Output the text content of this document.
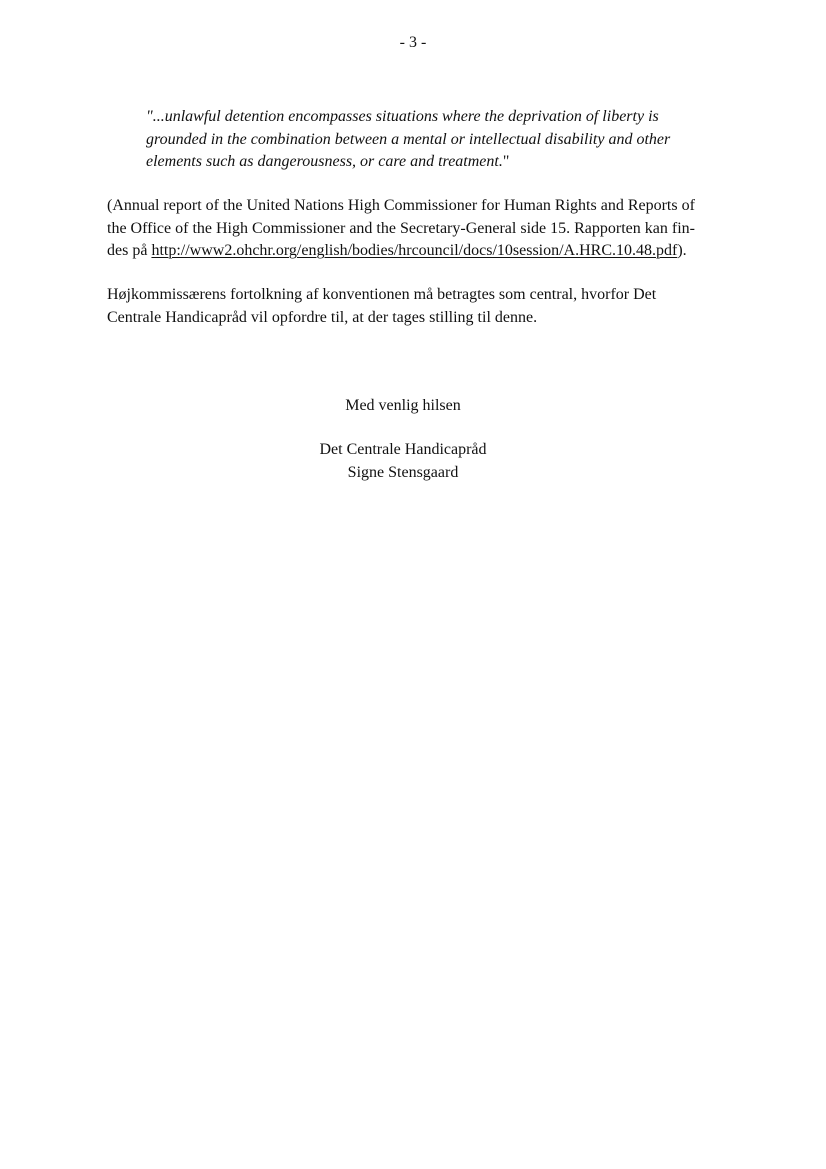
- 3 -
"...unlawful detention encompasses situations where the deprivation of liberty is
grounded in the combination between a mental or intellectual disability and other
elements such as dangerousness, or care and treatment."
(Annual report of the United Nations High Commissioner for Human Rights and Reports of
the Office of the High Commissioner and the Secretary-General side 15. Rapporten kan fin-
des på http://www2.ohchr.org/english/bodies/hrcouncil/docs/10session/A.HRC.10.48.pdf).
Højkommissærens fortolkning af konventionen må betragtes som central, hvorfor Det
Centrale Handicapråd vil opfordre til, at der tages stilling til denne.
Med venlig hilsen
Det Centrale Handicapråd
Signe Stensgaard
